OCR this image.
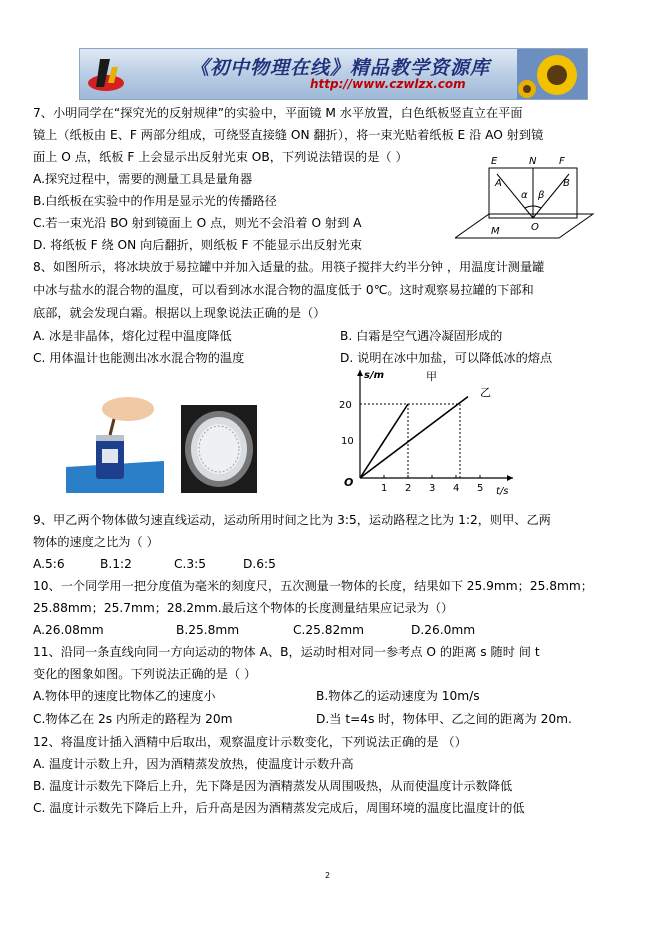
《初中物理在线》精品教学资源库
http://www.czwlzx.com
7、小明同学在“探究光的反射规律”的实验中，平面镜 M 水平放置，白色纸板竖直立在平面
镜上（纸板由 E、F 两部分组成，可绕竖直接缝 ON 翻折），将一束光贴着纸板 E 沿 AO 射到镜
面上 O 点，纸板 F 上会显示出反射光束 OB，下列说法错误的是（ ）
A.探究过程中，需要的测量工具是量角器
B.白纸板在实验中的作用是显示光的传播路径
C.若一束光沿 BO 射到镜面上 O 点，则光不会沿着 O 射到 A
D. 将纸板 F 绕 ON 向后翻折，则纸板 F 不能显示出反射光束
E	N F
A	B
α β
O
M
8、如图所示，将冰块放于易拉罐中并加入适量的盐。用筷子搅拌大约半分钟 ，用温度计测量罐
中冰与盐水的混合物的温度，可以看到冰水混合物的温度低于 0℃。这时观察易拉罐的下部和
底部，就会发现白霜。根据以上现象说法正确的是（）
A. 冰是非晶体，熔化过程中温度降低	B. 白霜是空气遇冷凝固形成的
C. 用体温计也能测出冰水混合物的温度	D. 说明在冰中加盐，可以降低冰的熔点
s/m
t/s
O
甲
乙
20
10
1 2 3 4 5
9、甲乙两个物体做匀速直线运动，运动所用时间之比为 3:5，运动路程之比为 1:2，则甲、乙两
物体的速度之比为（ ）
A.5:6	B.1:2	C.3:5	D.6:5
10、一个同学用一把分度值为毫米的刻度尺，五次测量一物体的长度，结果如下 25.9mm；25.8mm；
25.88mm；25.7mm；28.2mm.最后这个物体的长度测量结果应记录为（）
A.26.08mm	B.25.8mm	C.25.82mm	D.26.0mm
11、沿同一条直线向同一方向运动的物体 A、B，运动时相对同一参考点 O 的距离 s 随时 间 t
变化的图象如图。下列说法正确的是（ ）
A.物体甲的速度比物体乙的速度小	B.物体乙的运动速度为 10m/s
C.物体乙在 2s 内所走的路程为 20m	D.当 t=4s 时，物体甲、乙之间的距离为 20m.
12、将温度计插入酒精中后取出，观察温度计示数变化，下列说法正确的是 （）
A. 温度计示数上升，因为酒精蒸发放热，使温度计示数升高
B. 温度计示数先下降后上升，先下降是因为酒精蒸发从周围吸热，从而使温度计示数降低
C. 温度计示数先下降后上升，后升高是因为酒精蒸发完成后，周围环境的温度比温度计的低
2
